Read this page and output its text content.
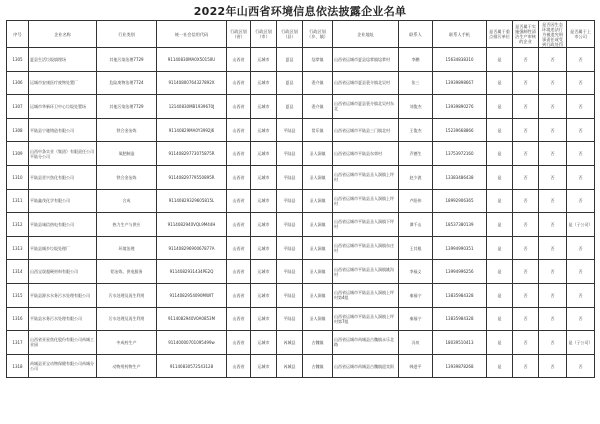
2022年山西省环境信息依法披露企业名单
序号	企业名称	行业类别	统一社会信用代码	行政区划（省）	行政区划（市）	行政区划（县）	行政区划（乡、镇）	企业地址	联系人	联系人手机	是否属于重点排污单位	是否属于实施强制性清洁生产审核的企业	是否因生态环境违法行为被追究刑事责任或受到行政处罚	是否属于上市公司
1305	夏县生活垃圾填埋场	其他污染治理7729	91140830MA0X50150U	山西省	运城市	夏县	埝掌镇	山西省运城市夏县埝掌镇埝掌村	李鹏	15634838310	是	否	否	否
1306	运城市安康医疗废物处置厂	危险废物治理7724	91140800764327892X	山西省	运城市	夏县	裴介镇	山西省运城市夏县裴介镇北吴村	张三	13939898667	是	否	否	否
1307	运城市华新环卫中心垃圾处置场	其他污染治理7729	12140830MB1939670J	山西省	运城市	夏县	裴介镇	山西省运城市夏县裴介镇北吴村东北	刘俊杰	13939890276	是	否	否	否
1308	平陆县宁驰铸造有限公司	铁合金冶炼	91140829MA0Y3992J6	山西省	运城市	平陆县	常乐镇	山西省运城市平陆县三门镇北村	王俊杰	15239668866	是	否	否	否
1309	山西中条实业（集团）有限责任公司平陆分公司	氧肥制造	91140829773075875R	山西省	运城市	平陆县	圣人涧镇	山西省运城市平陆县东郊村	乔德生	13753972160	是	否	否	否
1310	平陆县晋兴焦化有限公司	铁合金冶炼	91140829779550895R	山西省	运城市	平陆县	圣人涧镇	山西省运城市平陆县圣人涧镇上坪村	赵少波	13383486438	是	否	否	否
1311	平陆鑫茂化学有限公司	合成	91140829329605815L	山西省	运城市	平陆县	圣人涧镇	山西省运城市平陆县圣人涧镇上坪村	卢阳伟	18992906365	是	否	否	否
1312	平陆县诚信热电有限公司	热力生产与供应	9114082940VQL9M44H	山西省	运城市	平陆县	圣人涧镇	山西省运城市平陆县圣人涧镇下坪村	谭千山	18537380139	是	否	否	是（子公司）
1313	平陆县城乡垃圾处理厂	环境治理	91140829690067877A	山西省	运城市	平陆县	圣人涧镇	山西省运城市平陆县圣人涧镇东庄村	王其根	13994990351	是	否	否	否
1314	山西宝晟超硬材料有限公司	铝冶炼、供电服务	9114082931434PE2Q	山西省	运城市	平陆县	圣人涧镇	山西省运城市平陆县圣人涧镇姚沟村	李福义	13994996256	是	否	否	否
1315	平陆县源水水务污水处理有限公司	污水处理及再生利用	9114082954090MWIT	山西省	运城市	平陆县	圣人涧镇	山西省运城市平陆县圣人涧镇上坪村第4组	秦福宁	13835984328	是	否	否	否
1316	平陆县水务污水处理有限公司	污水处理及再生利用	9114082940V0A0853M	山西省	运城市	平陆县	圣人涧镇	山西省运城市平陆县圣人涧镇上坪村第7组	秦福宁	13835984328	是	否	否	否
1317	山西省亚星焦化股份有限公司芮城工业园	中成药生产	91140000701095499w	山西省	运城市	芮城县	古魏镇	山西省运城市芮城县古魏镇永乐北路	冯泉	18039510413	是	否	否	是（子公司）
1318	芮城县亚宝动物保健有限公司芮城分公司	动物用药物生产	91140830572543128	山西省	运城市	芮城县	古魏镇	山西省运城市芮城县古魏镇迎宾街	韩进平	13939878268	是	否	否	否
